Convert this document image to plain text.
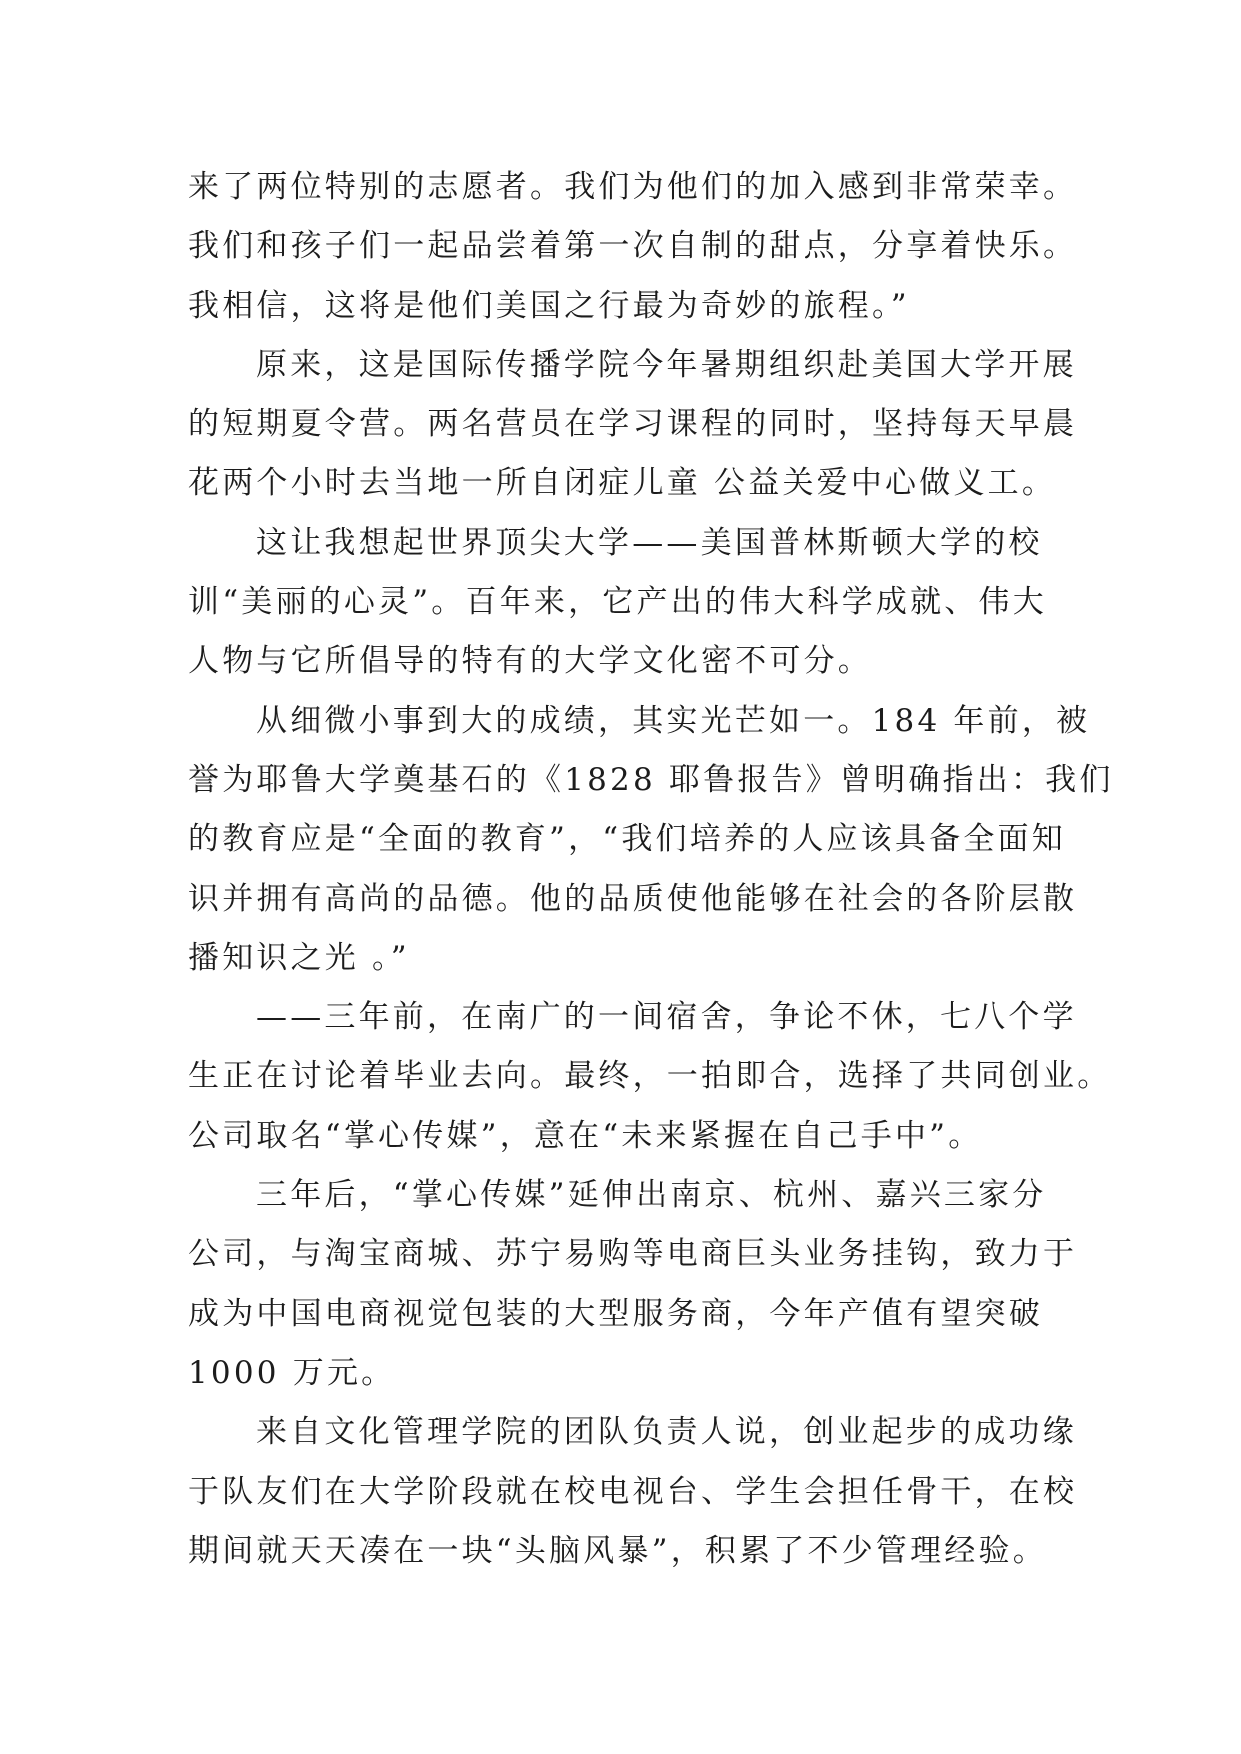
来了两位特别的志愿者。我们为他们的加入感到非常荣幸。
我们和孩子们一起品尝着第一次自制的甜点，分享着快乐。
我相信，这将是他们美国之行最为奇妙的旅程。”
原来，这是国际传播学院今年暑期组织赴美国大学开展
的短期夏令营。两名营员在学习课程的同时，坚持每天早晨
花两个小时去当地一所自闭症儿童 公益关爱中心做义工。
这让我想起世界顶尖大学——美国普林斯顿大学的校
训“美丽的心灵”。百年来，它产出的伟大科学成就、伟大
人物与它所倡导的特有的大学文化密不可分。
从细微小事到大的成绩，其实光芒如一。184 年前，被
誉为耶鲁大学奠基石的《1828 耶鲁报告》曾明确指出：我们
的教育应是“全面的教育”，“我们培养的人应该具备全面知
识并拥有高尚的品德。他的品质使他能够在社会的各阶层散
播知识之光 。”
——三年前，在南广的一间宿舍，争论不休，七八个学
生正在讨论着毕业去向。最终，一拍即合，选择了共同创业。
公司取名“掌心传媒”，意在“未来紧握在自己手中”。
三年后，“掌心传媒”延伸出南京、杭州、嘉兴三家分
公司，与淘宝商城、苏宁易购等电商巨头业务挂钩，致力于
成为中国电商视觉包装的大型服务商，今年产值有望突破
1000 万元。
来自文化管理学院的团队负责人说，创业起步的成功缘
于队友们在大学阶段就在校电视台、学生会担任骨干，在校
期间就天天凑在一块“头脑风暴”，积累了不少管理经验。
